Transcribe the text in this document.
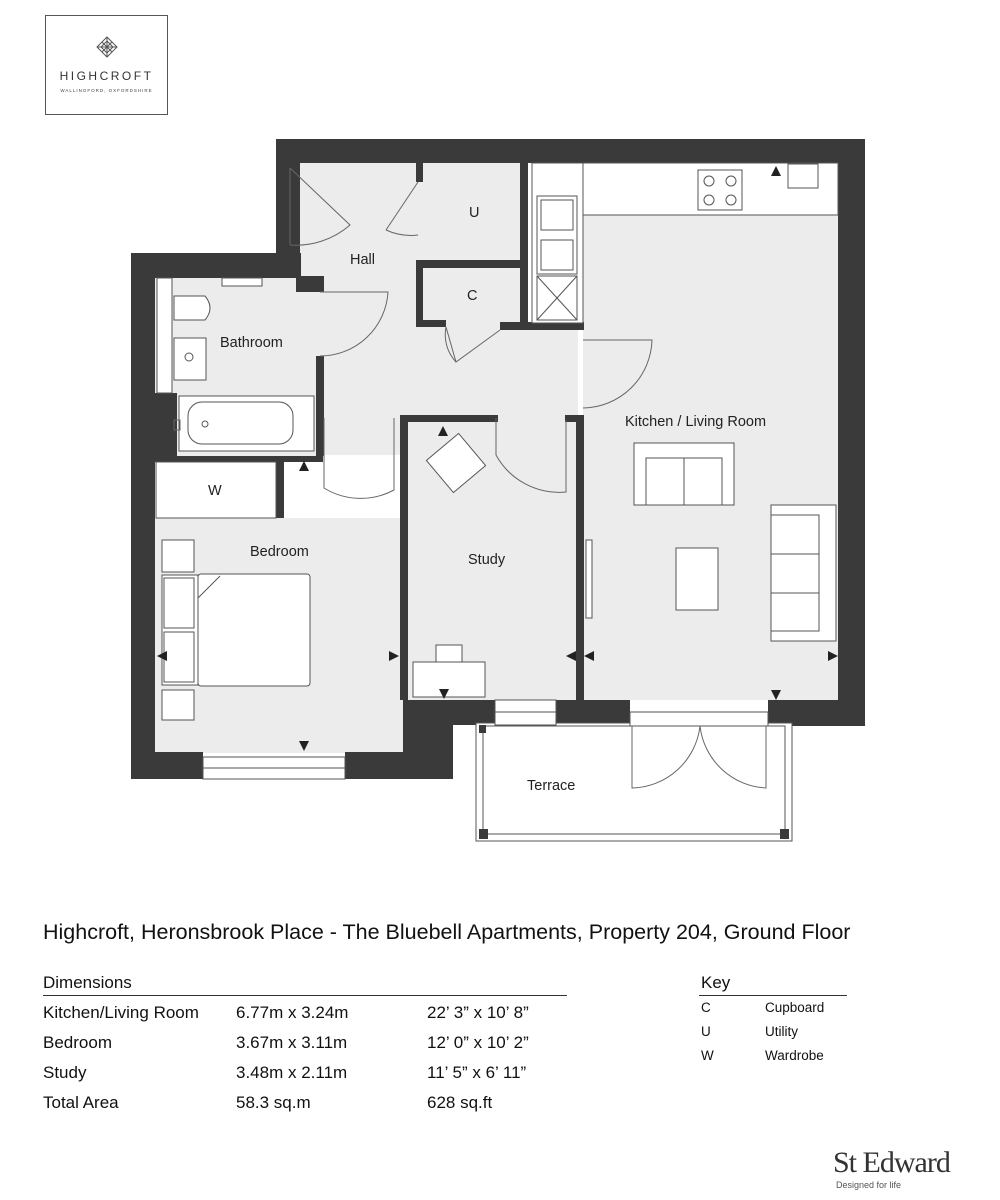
HIGHCROFT
WALLINGFORD, OXFORDSHIRE
Hall
U
C
Bathroom
Kitchen / Living Room
W
Bedroom	Study
Terrace
Highcroft, Heronsbrook Place - The Bluebell Apartments, Property 204, Ground Floor
Dimensions
Kitchen/Living Room 6.77m x 3.24m	22’ 3” x 10’ 8”
Bedroom	3.67m x 3.11m	12’ 0” x 10’ 2”
Study	3.48m x 2.11m	11’ 5” x 6’ 11”
Total Area	58.3 sq.m	628 sq.ft
Key
C	Cupboard
U	Utility
W	Wardrobe
St Edward
Designed for life
